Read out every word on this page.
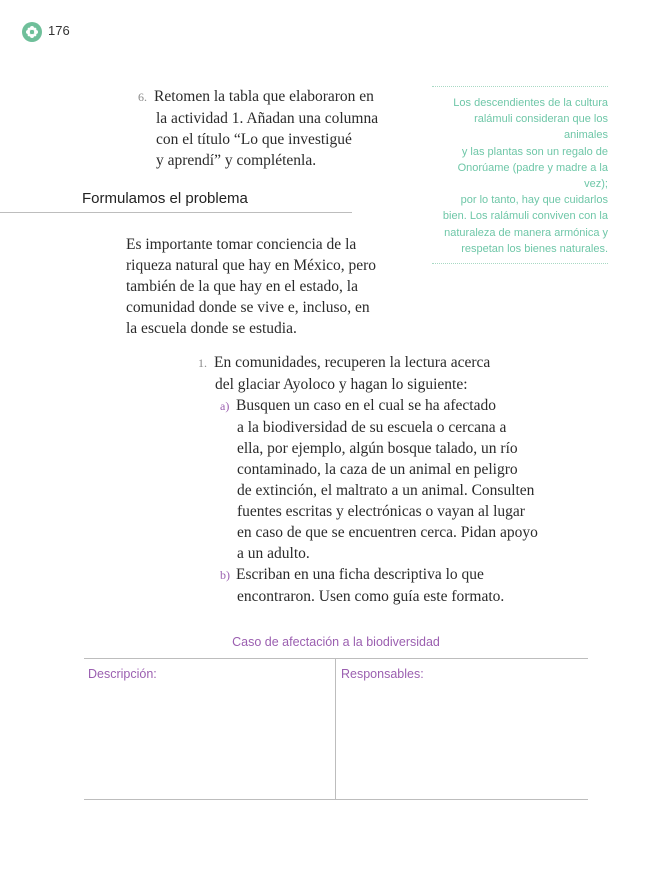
176
6. Retomen la tabla que elaboraron en
la actividad 1. Añadan una columna
con el título “Lo que investigué
y aprendí” y complétenla.
Los descendientes de la cultura
ralámuli consideran que los animales
y las plantas son un regalo de
Onorúame (padre y madre a la vez);
por lo tanto, hay que cuidarlos
bien. Los ralámuli conviven con la
naturaleza de manera armónica y
respetan los bienes naturales.
Formulamos el problema
Es importante tomar conciencia de la
riqueza natural que hay en México, pero
también de la que hay en el estado, la
comunidad donde se vive e, incluso, en
la escuela donde se estudia.
1. En comunidades, recuperen la lectura acerca
del glaciar Ayoloco y hagan lo siguiente:
a) Busquen un caso en el cual se ha afectado
a la biodiversidad de su escuela o cercana a
ella, por ejemplo, algún bosque talado, un río
contaminado, la caza de un animal en peligro
de extinción, el maltrato a un animal. Consulten
fuentes escritas y electrónicas o vayan al lugar
en caso de que se encuentren cerca. Pidan apoyo
a un adulto.
b) Escriban en una ficha descriptiva lo que
encontraron. Usen como guía este formato.
Caso de afectación a la biodiversidad
Descripción:	Responsables:
